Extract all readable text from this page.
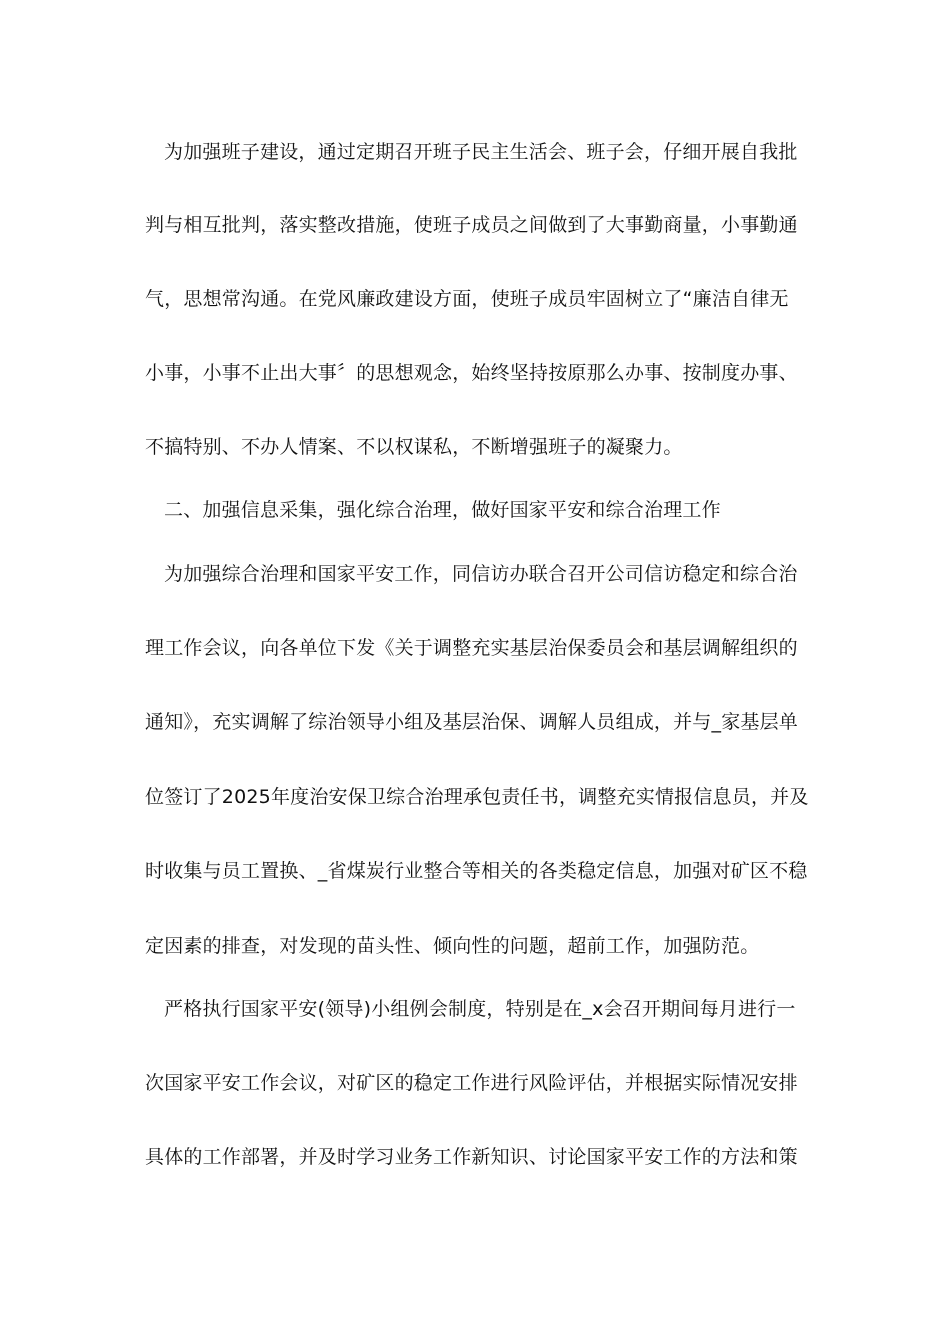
为加强班子建设，通过定期召开班子民主生活会、班子会，仔细开展自我批
判与相互批判，落实整改措施，使班子成员之间做到了大事勤商量，小事勤通
气，思想常沟通。在党风廉政建设方面，使班子成员牢固树立了“廉洁自律无
小事，小事不止出大事〞的思想观念，始终坚持按原那么办事、按制度办事、
不搞特别、不办人情案、不以权谋私，不断增强班子的凝聚力。
二、加强信息采集，强化综合治理，做好国家平安和综合治理工作
为加强综合治理和国家平安工作，同信访办联合召开公司信访稳定和综合治
理工作会议，向各单位下发《关于调整充实基层治保委员会和基层调解组织的
通知》，充实调解了综治领导小组及基层治保、调解人员组成，并与_家基层单
位签订了2025年度治安保卫综合治理承包责任书，调整充实情报信息员，并及
时收集与员工置换、_省煤炭行业整合等相关的各类稳定信息，加强对矿区不稳
定因素的排查，对发现的苗头性、倾向性的问题，超前工作，加强防范。
严格执行国家平安(领导)小组例会制度，特别是在_x会召开期间每月进行一
次国家平安工作会议，对矿区的稳定工作进行风险评估，并根据实际情况安排
具体的工作部署，并及时学习业务工作新知识、讨论国家平安工作的方法和策
